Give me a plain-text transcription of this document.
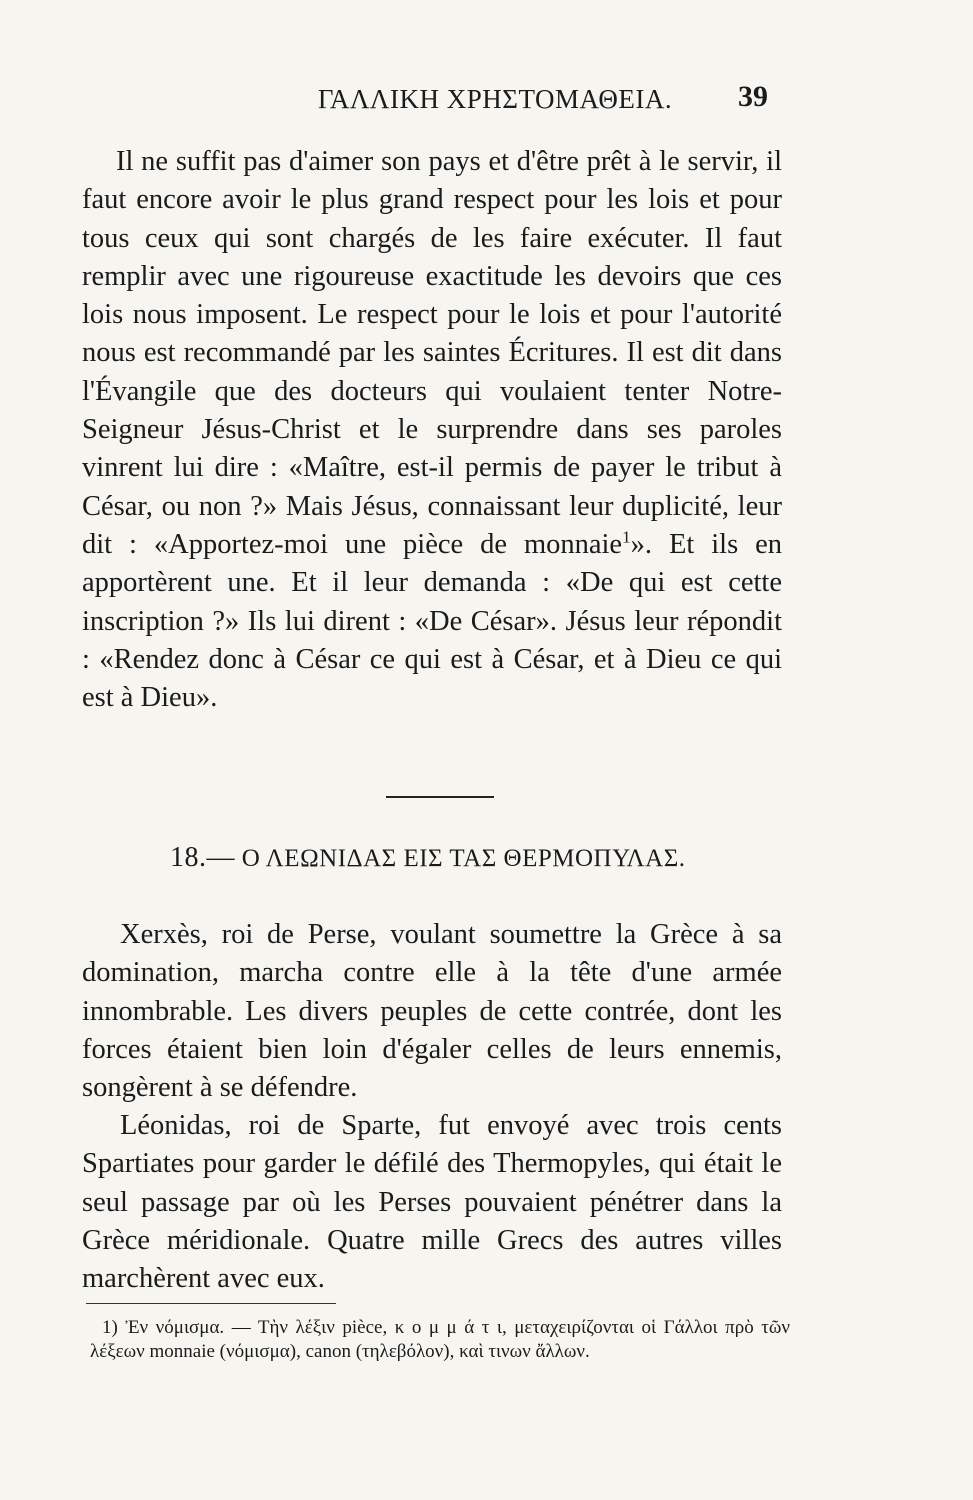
ΓΑΛΛΙΚΗ ΧΡΗΣΤΟΜΑΘΕΙΑ.	39

Il ne suffit pas d'aimer son pays et d'être prêt à le servir, il faut encore avoir le plus grand respect pour les lois et pour tous ceux qui sont chargés de les faire exécuter. Il faut remplir avec une rigoureuse exactitude les devoirs que ces lois nous imposent. Le respect pour le lois et pour l'autorité nous est recommandé par les saintes Écritures. Il est dit dans l'Évangile que des docteurs qui voulaient tenter Notre-Seigneur Jésus-Christ et le surprendre dans ses paroles vinrent lui dire : «Maître, est-il permis de payer le tribut à César, ou non ?» Mais Jésus, connaissant leur duplicité, leur dit : «Apportez-moi une pièce de monnaie$^1$». Et ils en apportèrent une. Et il leur demanda : «De qui est cette inscription ?» Ils lui dirent : «De César». Jésus leur répondit : «Rendez donc à César ce qui est à César, et à Dieu ce qui est à Dieu».

18.— Ο ΛΕΩΝΙΔΑΣ ΕΙΣ ΤΑΣ ΘΕΡΜΟΠΥΛΑΣ.

Xerxès, roi de Perse, voulant soumettre la Grèce à sa domination, marcha contre elle à la tête d'une armée innombrable. Les divers peuples de cette contrée, dont les forces étaient bien loin d'égaler celles de leurs ennemis, songèrent à se défendre.

Léonidas, roi de Sparte, fut envoyé avec trois cents Spartiates pour garder le défilé des Thermopyles, qui était le seul passage par où les Perses pouvaient pénétrer dans la Grèce méridionale. Quatre mille Grecs des autres villes marchèrent avec eux.

1) Ἐν νόμισμα. — Τὴν λέξιν pièce, κ ο μ μ ά τ ι, μεταχειρίζονται οἱ Γάλλοι πρὸ τῶν λέξεων monnaie (νόμισμα), canon (τηλεβόλον), καὶ τινων ἄλλων.
